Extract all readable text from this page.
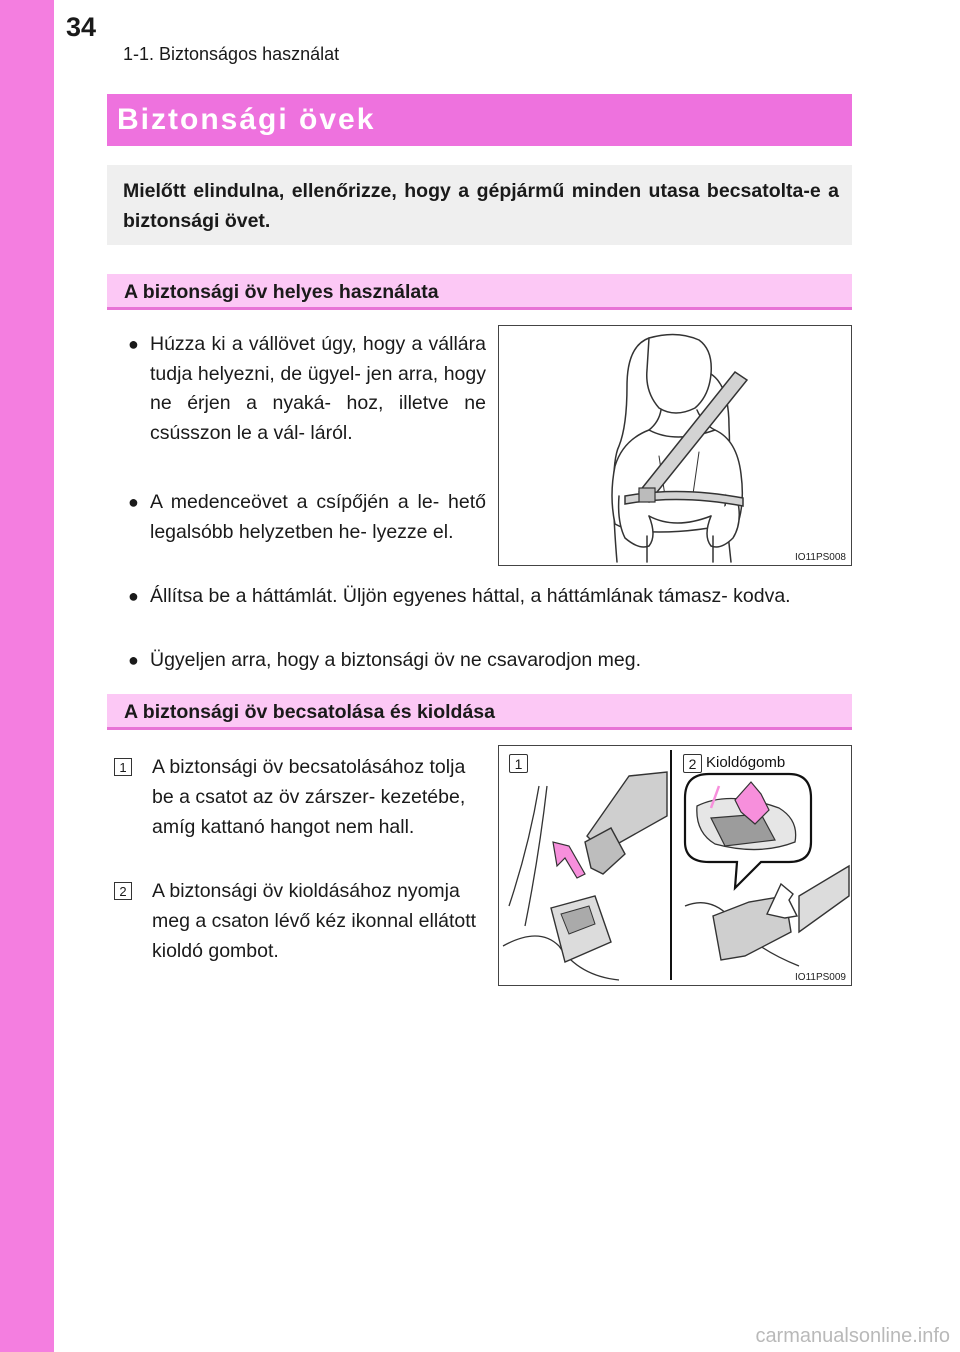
34
1-1. Biztonságos használat
Biztonsági övek
Mielőtt elindulna, ellenőrizze, hogy a gépjármű minden utasa becsatolta-e a biztonsági övet.
A biztonsági öv helyes használata
● Húzza ki a vállövet úgy, hogy a vállára tudja helyezni, de ügyel- jen arra, hogy ne érjen a nyaká- hoz, illetve ne csússzon le a vál- láról.
● A medenceövet a csípőjén a le- hető legalsóbb helyzetben he- lyezze el.
● Állítsa be a háttámlát. Üljön egyenes háttal, a háttámlának támasz- kodva.
● Ügyeljen arra, hogy a biztonsági öv ne csavarodjon meg.
IO11PS008
A biztonsági öv becsatolása és kioldása
1 A biztonsági öv becsatolásához tolja be a csatot az öv zárszer- kezetébe, amíg kattanó hangot nem hall.
2 A biztonsági öv kioldásához nyomja meg a csaton lévő kéz ikonnal ellátott kioldó gombot.
1	2 Kioldógomb
IO11PS009
carmanualsonline.info
